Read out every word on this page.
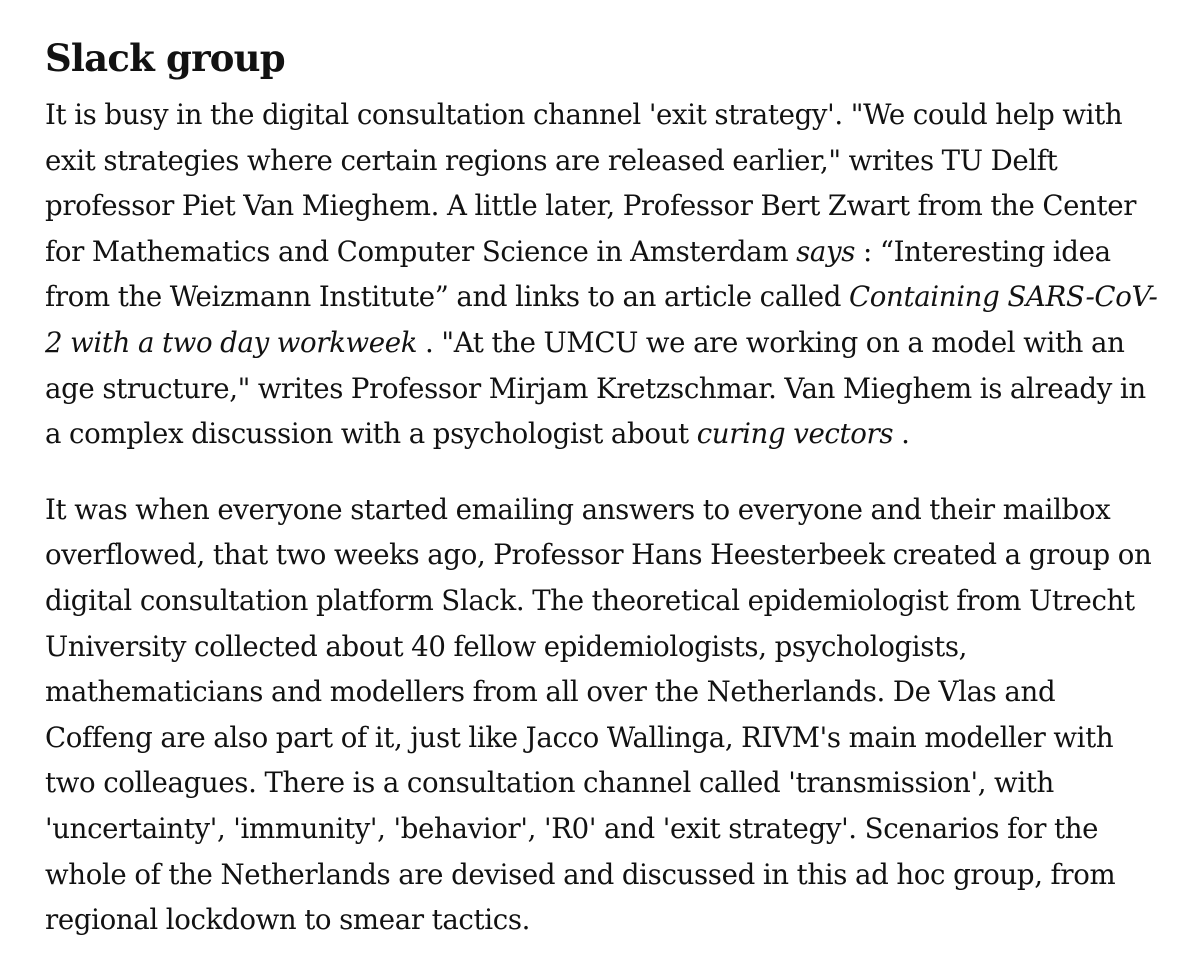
Slack group

It is busy in the digital consultation channel 'exit strategy'. "We could help with exit strategies where certain regions are released earlier," writes TU Delft professor Piet Van Mieghem. A little later, Professor Bert Zwart from the Center for Mathematics and Computer Science in Amsterdam says : “Interesting idea from the Weizmann Institute” and links to an article called Containing SARS-CoV-2 with a two day workweek . "At the UMCU we are working on a model with an age structure," writes Professor Mirjam Kretzschmar. Van Mieghem is already in a complex discussion with a psychologist about curing vectors .

It was when everyone started emailing answers to everyone and their mailbox overflowed, that two weeks ago, Professor Hans Heesterbeek created a group on digital consultation platform Slack. The theoretical epidemiologist from Utrecht University collected about 40 fellow epidemiologists, psychologists, mathematicians and modellers from all over the Netherlands. De Vlas and Coffeng are also part of it, just like Jacco Wallinga, RIVM's main modeller with two colleagues. There is a consultation channel called 'transmission', with 'uncertainty', 'immunity', 'behavior', 'R0' and 'exit strategy'. Scenarios for the whole of the Netherlands are devised and discussed in this ad hoc group, from regional lockdown to smear tactics.
